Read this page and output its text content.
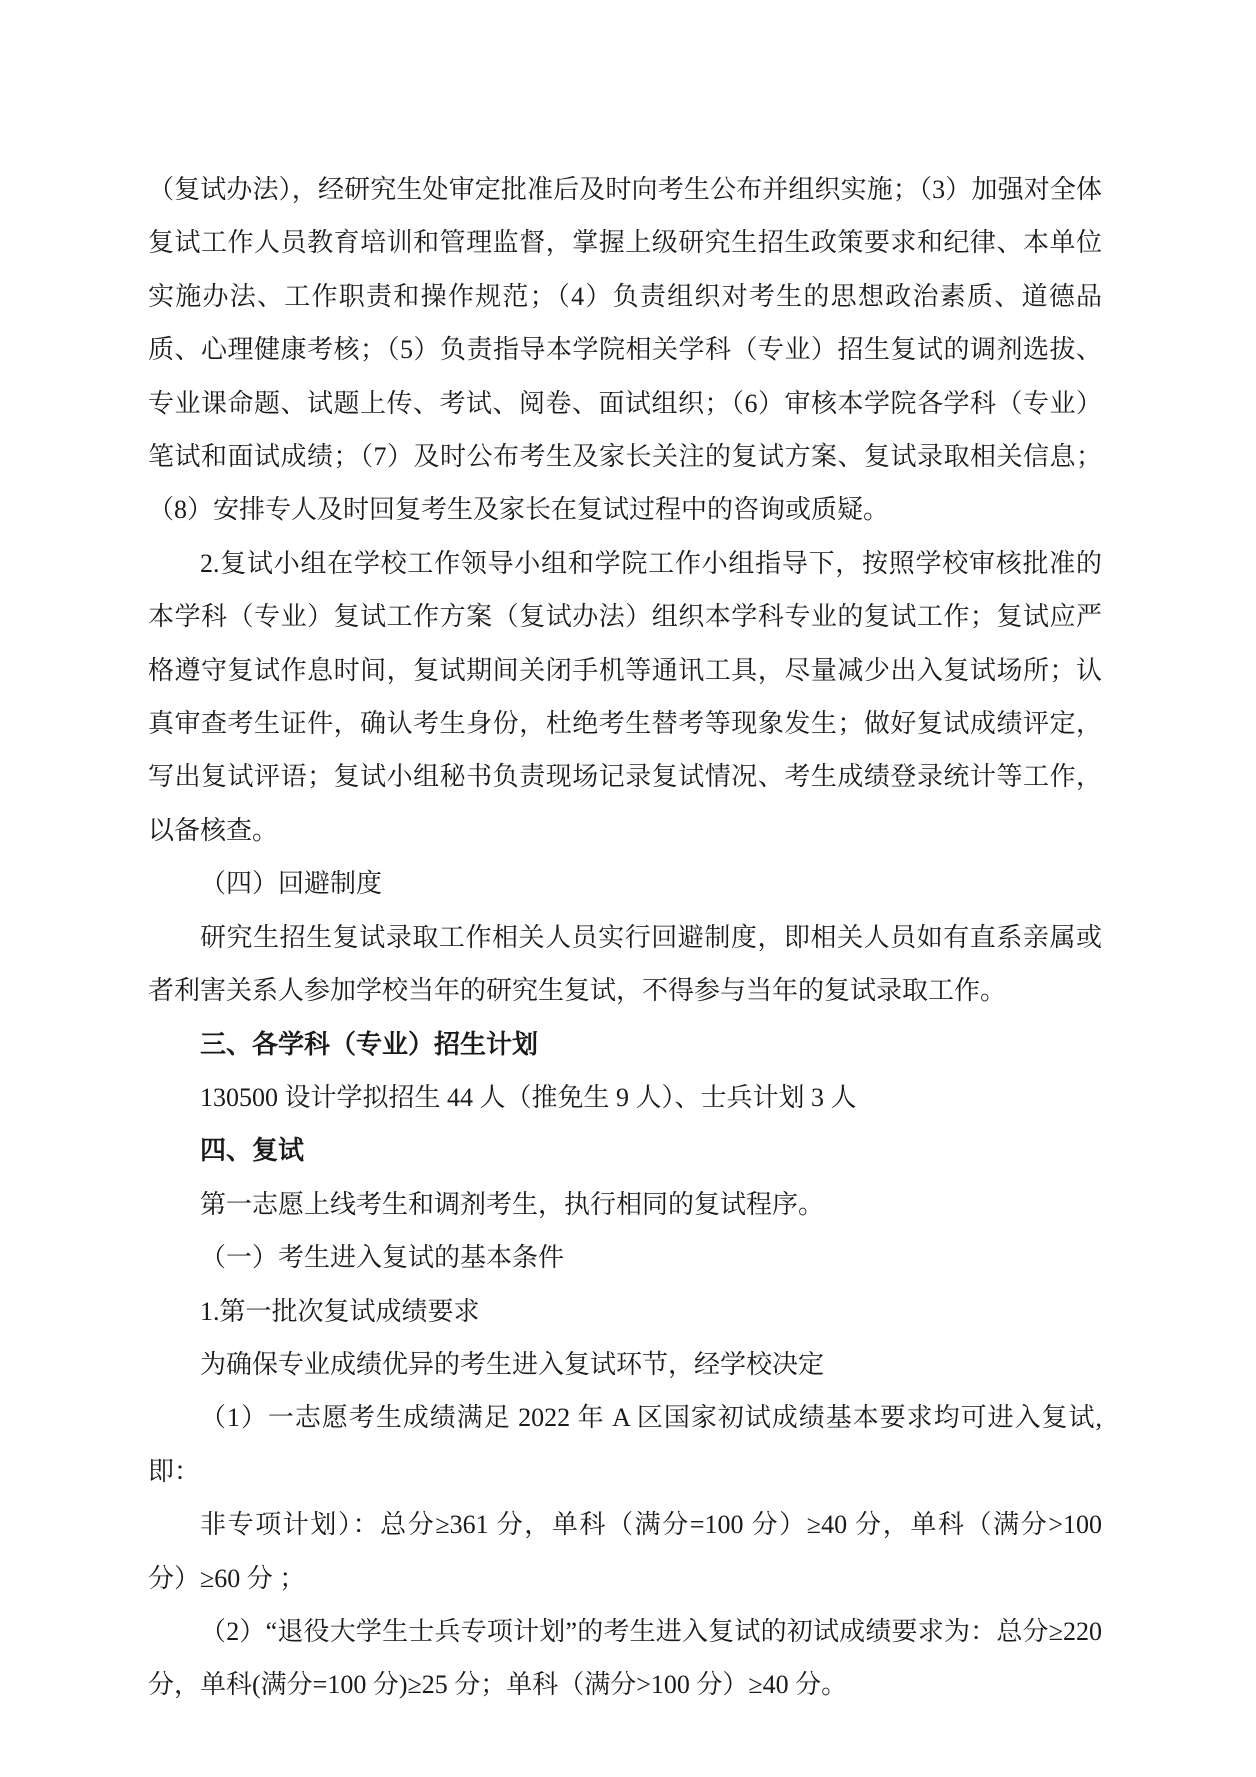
（复试办法），经研究生处审定批准后及时向考生公布并组织实施；（3）加强对全体复试工作人员教育培训和管理监督，掌握上级研究生招生政策要求和纪律、本单位实施办法、工作职责和操作规范；（4）负责组织对考生的思想政治素质、道德品质、心理健康考核；（5）负责指导本学院相关学科（专业）招生复试的调剂选拔、专业课命题、试题上传、考试、阅卷、面试组织；（6）审核本学院各学科（专业）笔试和面试成绩；（7）及时公布考生及家长关注的复试方案、复试录取相关信息；（8）安排专人及时回复考生及家长在复试过程中的咨询或质疑。

2.复试小组在学校工作领导小组和学院工作小组指导下，按照学校审核批准的本学科（专业）复试工作方案（复试办法）组织本学科专业的复试工作；复试应严格遵守复试作息时间，复试期间关闭手机等通讯工具，尽量减少出入复试场所；认真审查考生证件，确认考生身份，杜绝考生替考等现象发生；做好复试成绩评定，写出复试评语；复试小组秘书负责现场记录复试情况、考生成绩登录统计等工作，以备核查。

（四）回避制度

研究生招生复试录取工作相关人员实行回避制度，即相关人员如有直系亲属或者利害关系人参加学校当年的研究生复试，不得参与当年的复试录取工作。

三、各学科（专业）招生计划

130500 设计学拟招生 44 人（推免生 9 人）、士兵计划 3 人

四、复试

第一志愿上线考生和调剂考生，执行相同的复试程序。

（一）考生进入复试的基本条件

1.第一批次复试成绩要求

为确保专业成绩优异的考生进入复试环节，经学校决定

（1）一志愿考生成绩满足 2022 年 A 区国家初试成绩基本要求均可进入复试,即：

非专项计划）：总分≥361 分，单科（满分=100 分）≥40 分，单科（满分>100 分）≥60 分 ；

（2）“退役大学生士兵专项计划”的考生进入复试的初试成绩要求为：总分≥220 分，单科(满分=100 分)≥25 分；单科（满分>100 分）≥40 分。
